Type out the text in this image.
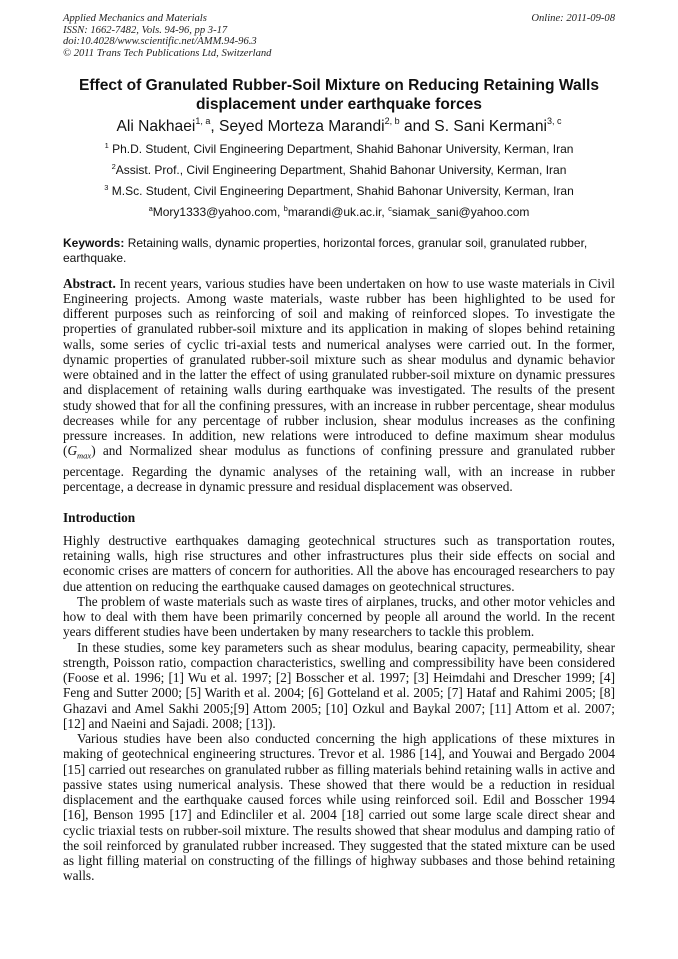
Applied Mechanics and Materials
ISSN: 1662-7482, Vols. 94-96, pp 3-17
doi:10.4028/www.scientific.net/AMM.94-96.3
© 2011 Trans Tech Publications Ltd, Switzerland
Online: 2011-09-08
Effect of Granulated Rubber-Soil Mixture on Reducing Retaining Walls displacement under earthquake forces
Ali Nakhaei$^{1, a}$, Seyed Morteza Marandi$^{2, b}$ and S. Sani Kermani$^{3, c}$
$^1$ Ph.D. Student, Civil Engineering Department, Shahid Bahonar University, Kerman, Iran
$^2$Assist. Prof., Civil Engineering Department, Shahid Bahonar University, Kerman, Iran
$^3$ M.Sc. Student, Civil Engineering Department, Shahid Bahonar University, Kerman, Iran
$^a$Mory1333@yahoo.com, $^b$marandi@uk.ac.ir, $^c$siamak_sani@yahoo.com
Keywords: Retaining walls, dynamic properties, horizontal forces, granular soil, granulated rubber, earthquake.

Abstract. In recent years, various studies have been undertaken on how to use waste materials in Civil Engineering projects. Among waste materials, waste rubber has been highlighted to be used for different purposes such as reinforcing of soil and making of reinforced slopes. To investigate the properties of granulated rubber-soil mixture and its application in making of slopes behind retaining walls, some series of cyclic tri-axial tests and numerical analyses were carried out. In the former, dynamic properties of granulated rubber-soil mixture such as shear modulus and dynamic behavior were obtained and in the latter the effect of using granulated rubber-soil mixture on dynamic pressures and displacement of retaining walls during earthquake was investigated. The results of the present study showed that for all the confining pressures, with an increase in rubber percentage, shear modulus decreases while for any percentage of rubber inclusion, shear modulus increases as the confining pressure increases. In addition, new relations were introduced to define maximum shear modulus $(G_{max})$ and Normalized shear modulus as functions of confining pressure and granulated rubber percentage. Regarding the dynamic analyses of the retaining wall, with an increase in rubber percentage, a decrease in dynamic pressure and residual displacement was observed.

Introduction

Highly destructive earthquakes damaging geotechnical structures such as transportation routes, retaining walls, high rise structures and other infrastructures plus their side effects on social and economic crises are matters of concern for authorities. All the above has encouraged researchers to pay due attention on reducing the earthquake caused damages on geotechnical structures.

The problem of waste materials such as waste tires of airplanes, trucks, and other motor vehicles and how to deal with them have been primarily concerned by people all around the world. In the recent years different studies have been undertaken by many researchers to tackle this problem.

In these studies, some key parameters such as shear modulus, bearing capacity, permeability, shear strength, Poisson ratio, compaction characteristics, swelling and compressibility have been considered (Foose et al. 1996; [1] Wu et al. 1997; [2] Bosscher et al. 1997; [3] Heimdahi and Drescher 1999; [4] Feng and Sutter 2000; [5] Warith et al. 2004; [6] Gotteland et al. 2005; [7] Hataf and Rahimi 2005; [8] Ghazavi and Amel Sakhi 2005;[9] Attom 2005; [10] Ozkul and Baykal 2007; [11] Attom et al. 2007; [12] and Naeini and Sajadi. 2008; [13]).

Various studies have been also conducted concerning the high applications of these mixtures in making of geotechnical engineering structures. Trevor et al. 1986 [14], and Youwai and Bergado 2004 [15] carried out researches on granulated rubber as filling materials behind retaining walls in active and passive states using numerical analysis. These showed that there would be a reduction in residual displacement and the earthquake caused forces while using reinforced soil. Edil and Bosscher 1994 [16], Benson 1995 [17] and Edincliler et al. 2004 [18] carried out some large scale direct shear and cyclic triaxial tests on rubber-soil mixture. The results showed that shear modulus and damping ratio of the soil reinforced by granulated rubber increased. They suggested that the stated mixture can be used as light filling material on constructing of the fillings of highway subbases and those behind retaining walls.
